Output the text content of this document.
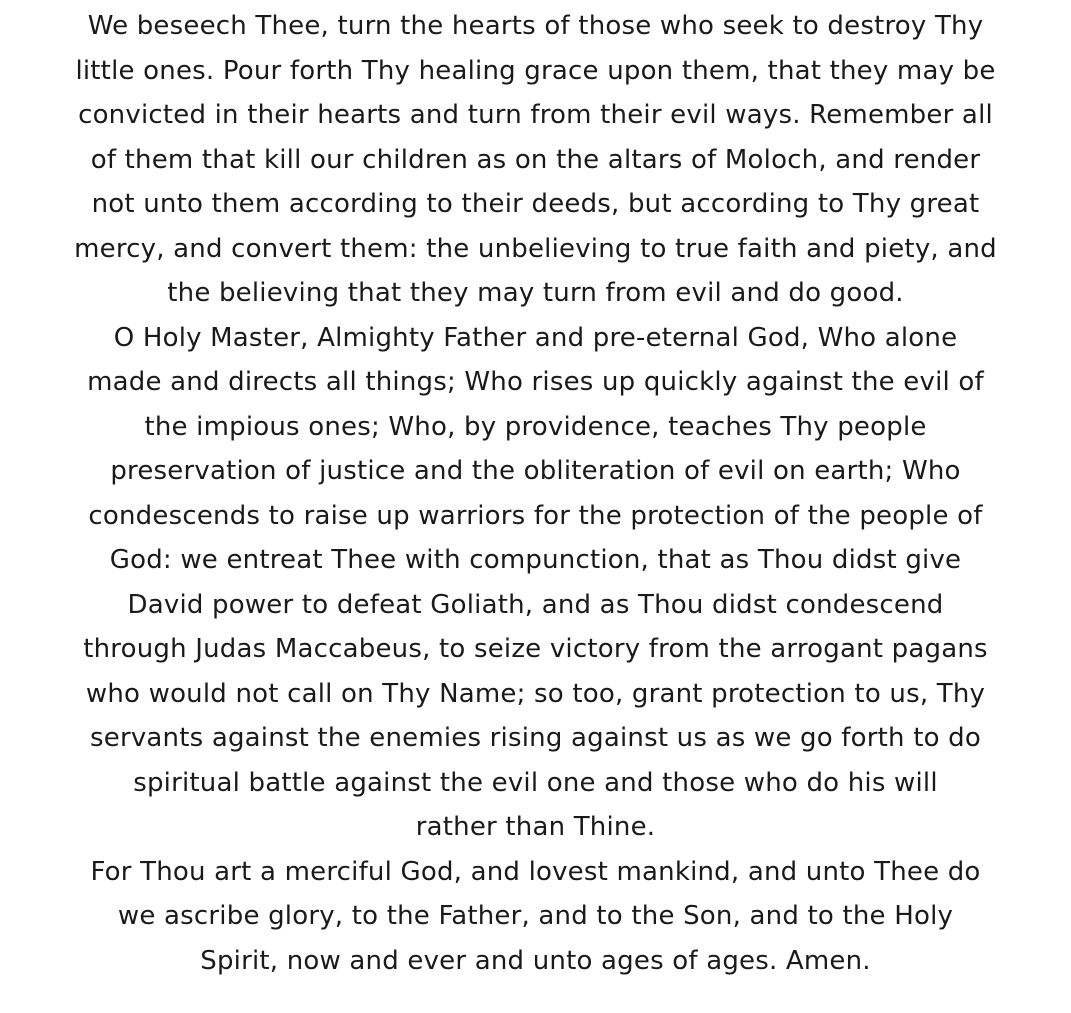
We beseech Thee, turn the hearts of those who seek to destroy Thy
little ones. Pour forth Thy healing grace upon them, that they may be
convicted in their hearts and turn from their evil ways. Remember all
of them that kill our children as on the altars of Moloch, and render
not unto them according to their deeds, but according to Thy great
mercy, and convert them: the unbelieving to true faith and piety, and
the believing that they may turn from evil and do good.
O Holy Master, Almighty Father and pre-eternal God, Who alone
made and directs all things; Who rises up quickly against the evil of
the impious ones; Who, by providence, teaches Thy people
preservation of justice and the obliteration of evil on earth; Who
condescends to raise up warriors for the protection of the people of
God: we entreat Thee with compunction, that as Thou didst give
David power to defeat Goliath, and as Thou didst condescend
through Judas Maccabeus, to seize victory from the arrogant pagans
who would not call on Thy Name; so too, grant protection to us, Thy
servants against the enemies rising against us as we go forth to do
spiritual battle against the evil one and those who do his will
rather than Thine.
For Thou art a merciful God, and lovest mankind, and unto Thee do
we ascribe glory, to the Father, and to the Son, and to the Holy
Spirit, now and ever and unto ages of ages. Amen.
